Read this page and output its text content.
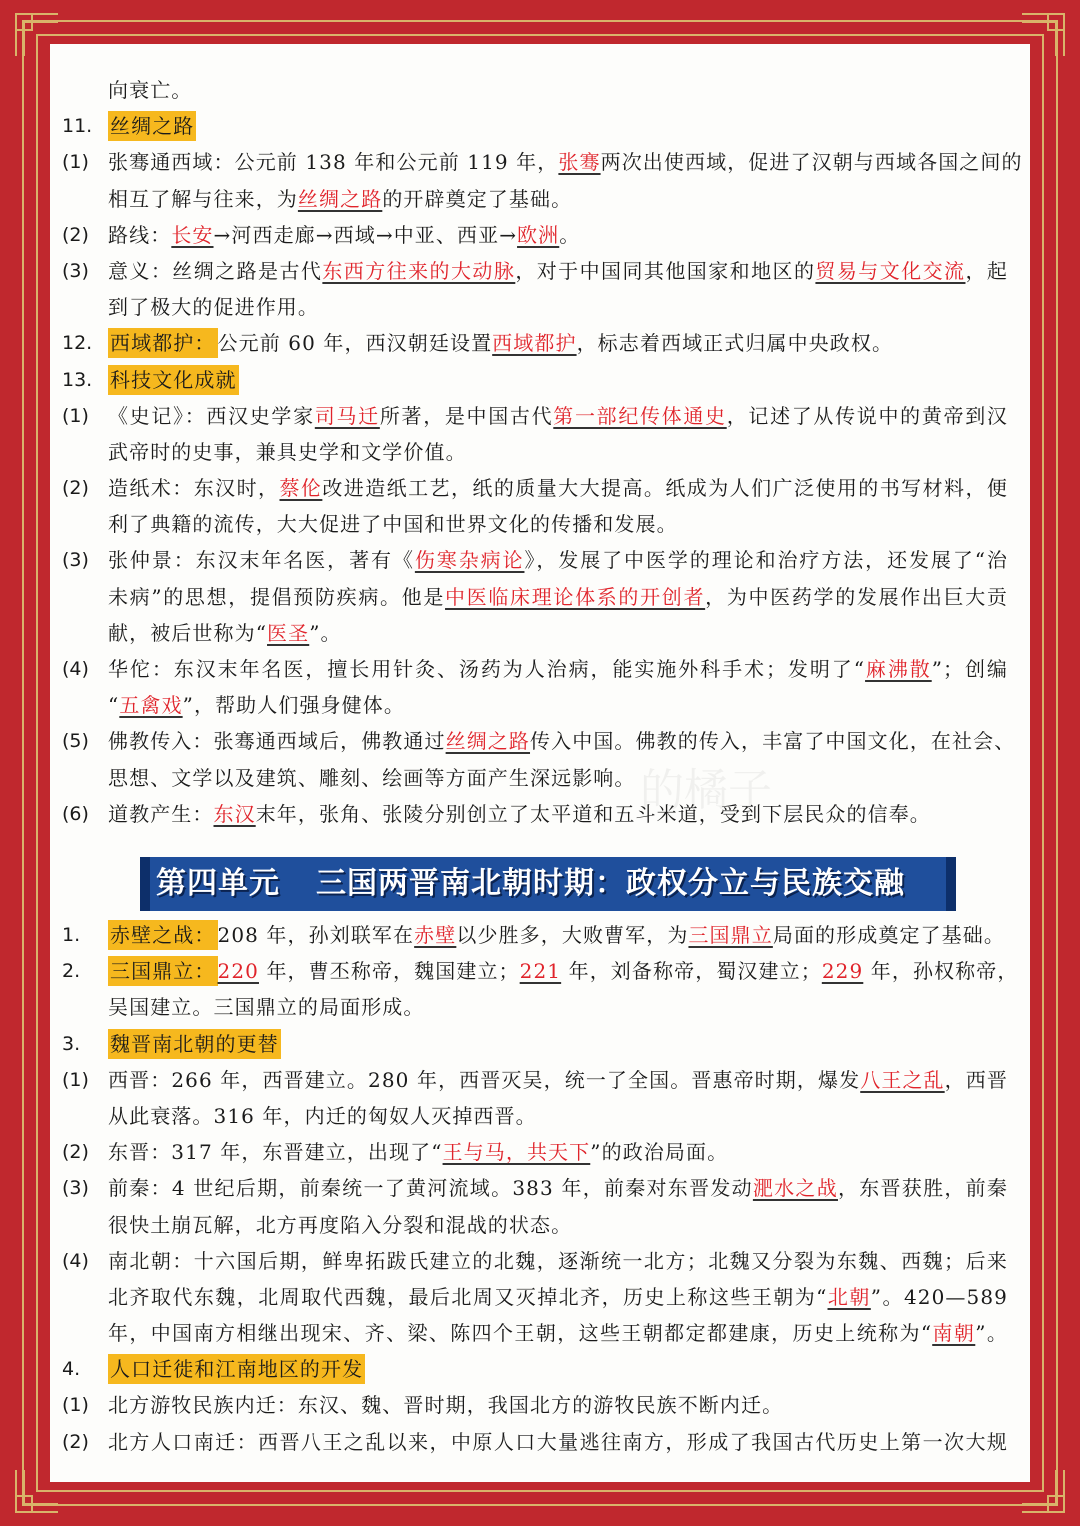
向衰亡。
11. 丝绸之路
(1) 张骞通西域：公元前 138 年和公元前 119 年，张骞两次出使西域，促进了汉朝与西域各国之间的
相互了解与往来，为丝绸之路的开辟奠定了基础。
(2) 路线：长安→河西走廊→西域→中亚、西亚→欧洲。
(3) 意义：丝绸之路是古代东西方往来的大动脉，对于中国同其他国家和地区的贸易与文化交流，起
到了极大的促进作用。
12. 西域都护： 公元前 60 年，西汉朝廷设置西域都护，标志着西域正式归属中央政权。
13. 科技文化成就
(1) 《史记》：西汉史学家司马迁所著，是中国古代第一部纪传体通史，记述了从传说中的黄帝到汉
武帝时的史事，兼具史学和文学价值。
(2) 造纸术：东汉时，蔡伦改进造纸工艺，纸的质量大大提高。纸成为人们广泛使用的书写材料，便
利了典籍的流传，大大促进了中国和世界文化的传播和发展。
(3) 张仲景：东汉末年名医，著有《伤寒杂病论》，发展了中医学的理论和治疗方法，还发展了“治
未病”的思想，提倡预防疾病。他是中医临床理论体系的开创者，为中医药学的发展作出巨大贡
献，被后世称为“医圣”。
(4) 华佗：东汉末年名医，擅长用针灸、汤药为人治病，能实施外科手术；发明了“麻沸散”；创编
“五禽戏”，帮助人们强身健体。
(5) 佛教传入：张骞通西域后，佛教通过丝绸之路传入中国。佛教的传入，丰富了中国文化，在社会、
思想、文学以及建筑、雕刻、绘画等方面产生深远影响。
(6) 道教产生：东汉末年，张角、张陵分别创立了太平道和五斗米道，受到下层民众的信奉。
的橘子
第四单元 三国两晋南北朝时期：政权分立与民族交融
1. 赤壁之战： 208 年，孙刘联军在赤壁以少胜多，大败曹军，为三国鼎立局面的形成奠定了基础。
2. 三国鼎立： 220 年，曹丕称帝，魏国建立；221 年，刘备称帝，蜀汉建立；229 年，孙权称帝，
吴国建立。三国鼎立的局面形成。
3. 魏晋南北朝的更替
(1) 西晋：266 年，西晋建立。280 年，西晋灭吴，统一了全国。晋惠帝时期，爆发八王之乱，西晋
从此衰落。316 年，内迁的匈奴人灭掉西晋。
(2) 东晋：317 年，东晋建立，出现了“王与马，共天下”的政治局面。
(3) 前秦：4 世纪后期，前秦统一了黄河流域。383 年，前秦对东晋发动淝水之战，东晋获胜，前秦
很快土崩瓦解，北方再度陷入分裂和混战的状态。
(4) 南北朝：十六国后期，鲜卑拓跋氏建立的北魏，逐渐统一北方；北魏又分裂为东魏、西魏；后来
北齐取代东魏，北周取代西魏，最后北周又灭掉北齐，历史上称这些王朝为“北朝”。420—589
年，中国南方相继出现宋、齐、梁、陈四个王朝，这些王朝都定都建康，历史上统称为“南朝”。
4. 人口迁徙和江南地区的开发
(1) 北方游牧民族内迁：东汉、魏、晋时期，我国北方的游牧民族不断内迁。
(2) 北方人口南迁：西晋八王之乱以来，中原人口大量逃往南方，形成了我国古代历史上第一次大规
